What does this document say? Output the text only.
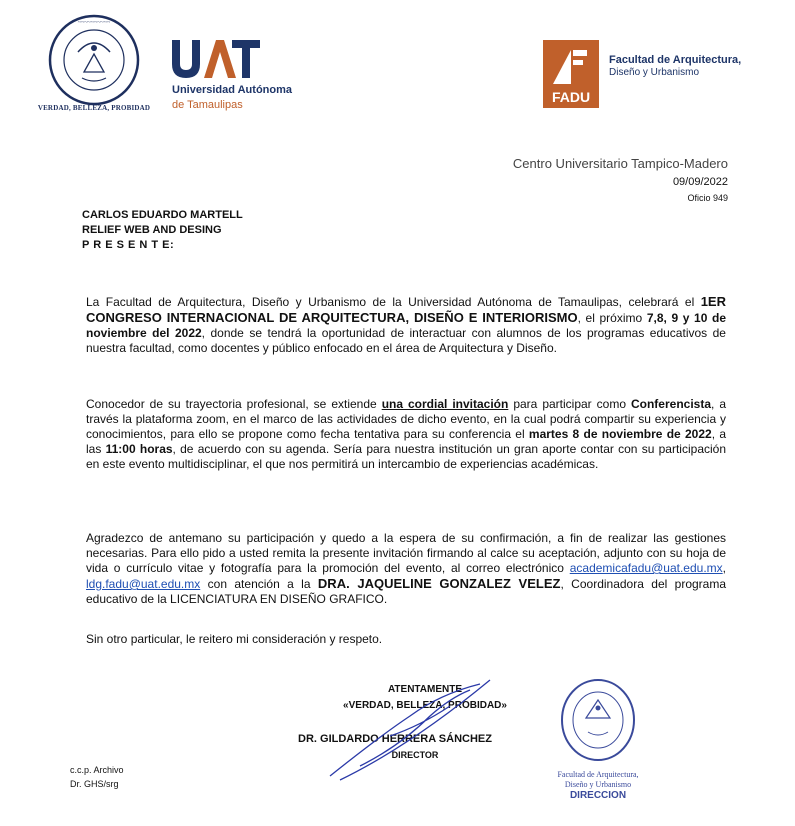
~~~~~~~~~~
VERDAD, BELLEZA, PROBIDAD
Universidad Autónoma
de Tamaulipas	FADU
Facultad de Arquitectura,
Diseño y Urbanismo
Centro Universitario Tampico-Madero
09/09/2022
Oficio 949
CARLOS EDUARDO MARTELL
RELIEF WEB AND DESING
P R E S E N T E:
La Facultad de Arquitectura, Diseño y Urbanismo de la Universidad Autónoma de Tamaulipas, celebrará el 1ER CONGRESO INTERNACIONAL DE ARQUITECTURA, DISEÑO E INTERIORISMO, el próximo 7,8, 9 y 10 de noviembre del 2022, donde se tendrá la oportunidad de interactuar con alumnos de los programas educativos de nuestra facultad, como docentes y público enfocado en el área de Arquitectura y Diseño.
Conocedor de su trayectoria profesional, se extiende una cordial invitación para participar como Conferencista, a través la plataforma zoom, en el marco de las actividades de dicho evento, en la cual podrá compartir su experiencia y conocimientos, para ello se propone como fecha tentativa para su conferencia el martes 8 de noviembre de 2022, a las 11:00 horas, de acuerdo con su agenda. Sería para nuestra institución un gran aporte contar con su participación en este evento multidisciplinar, el que nos permitirá un intercambio de experiencias académicas.
Agradezco de antemano su participación y quedo a la espera de su confirmación, a fin de realizar las gestiones necesarias. Para ello pido a usted remita la presente invitación firmando al calce su aceptación, adjunto con su hoja de vida o currículo vitae y fotografía para la promoción del evento, al correo electrónico academicafadu@uat.edu.mx, ldg.fadu@uat.edu.mx con atención a la DRA. JAQUELINE GONZALEZ VELEZ, Coordinadora del programa educativo de la LICENCIATURA EN DISEÑO GRAFICO.
Sin otro particular, le reitero mi consideración y respeto.
ATENTAMENTE
«VERDAD, BELLEZA, PROBIDAD»
DR. GILDARDO HERRERA SÁNCHEZ
DIRECTOR
Facultad de Arquitectura,
Diseño y Urbanismo
DIRECCION
c.c.p. Archivo
Dr. GHS/srg
